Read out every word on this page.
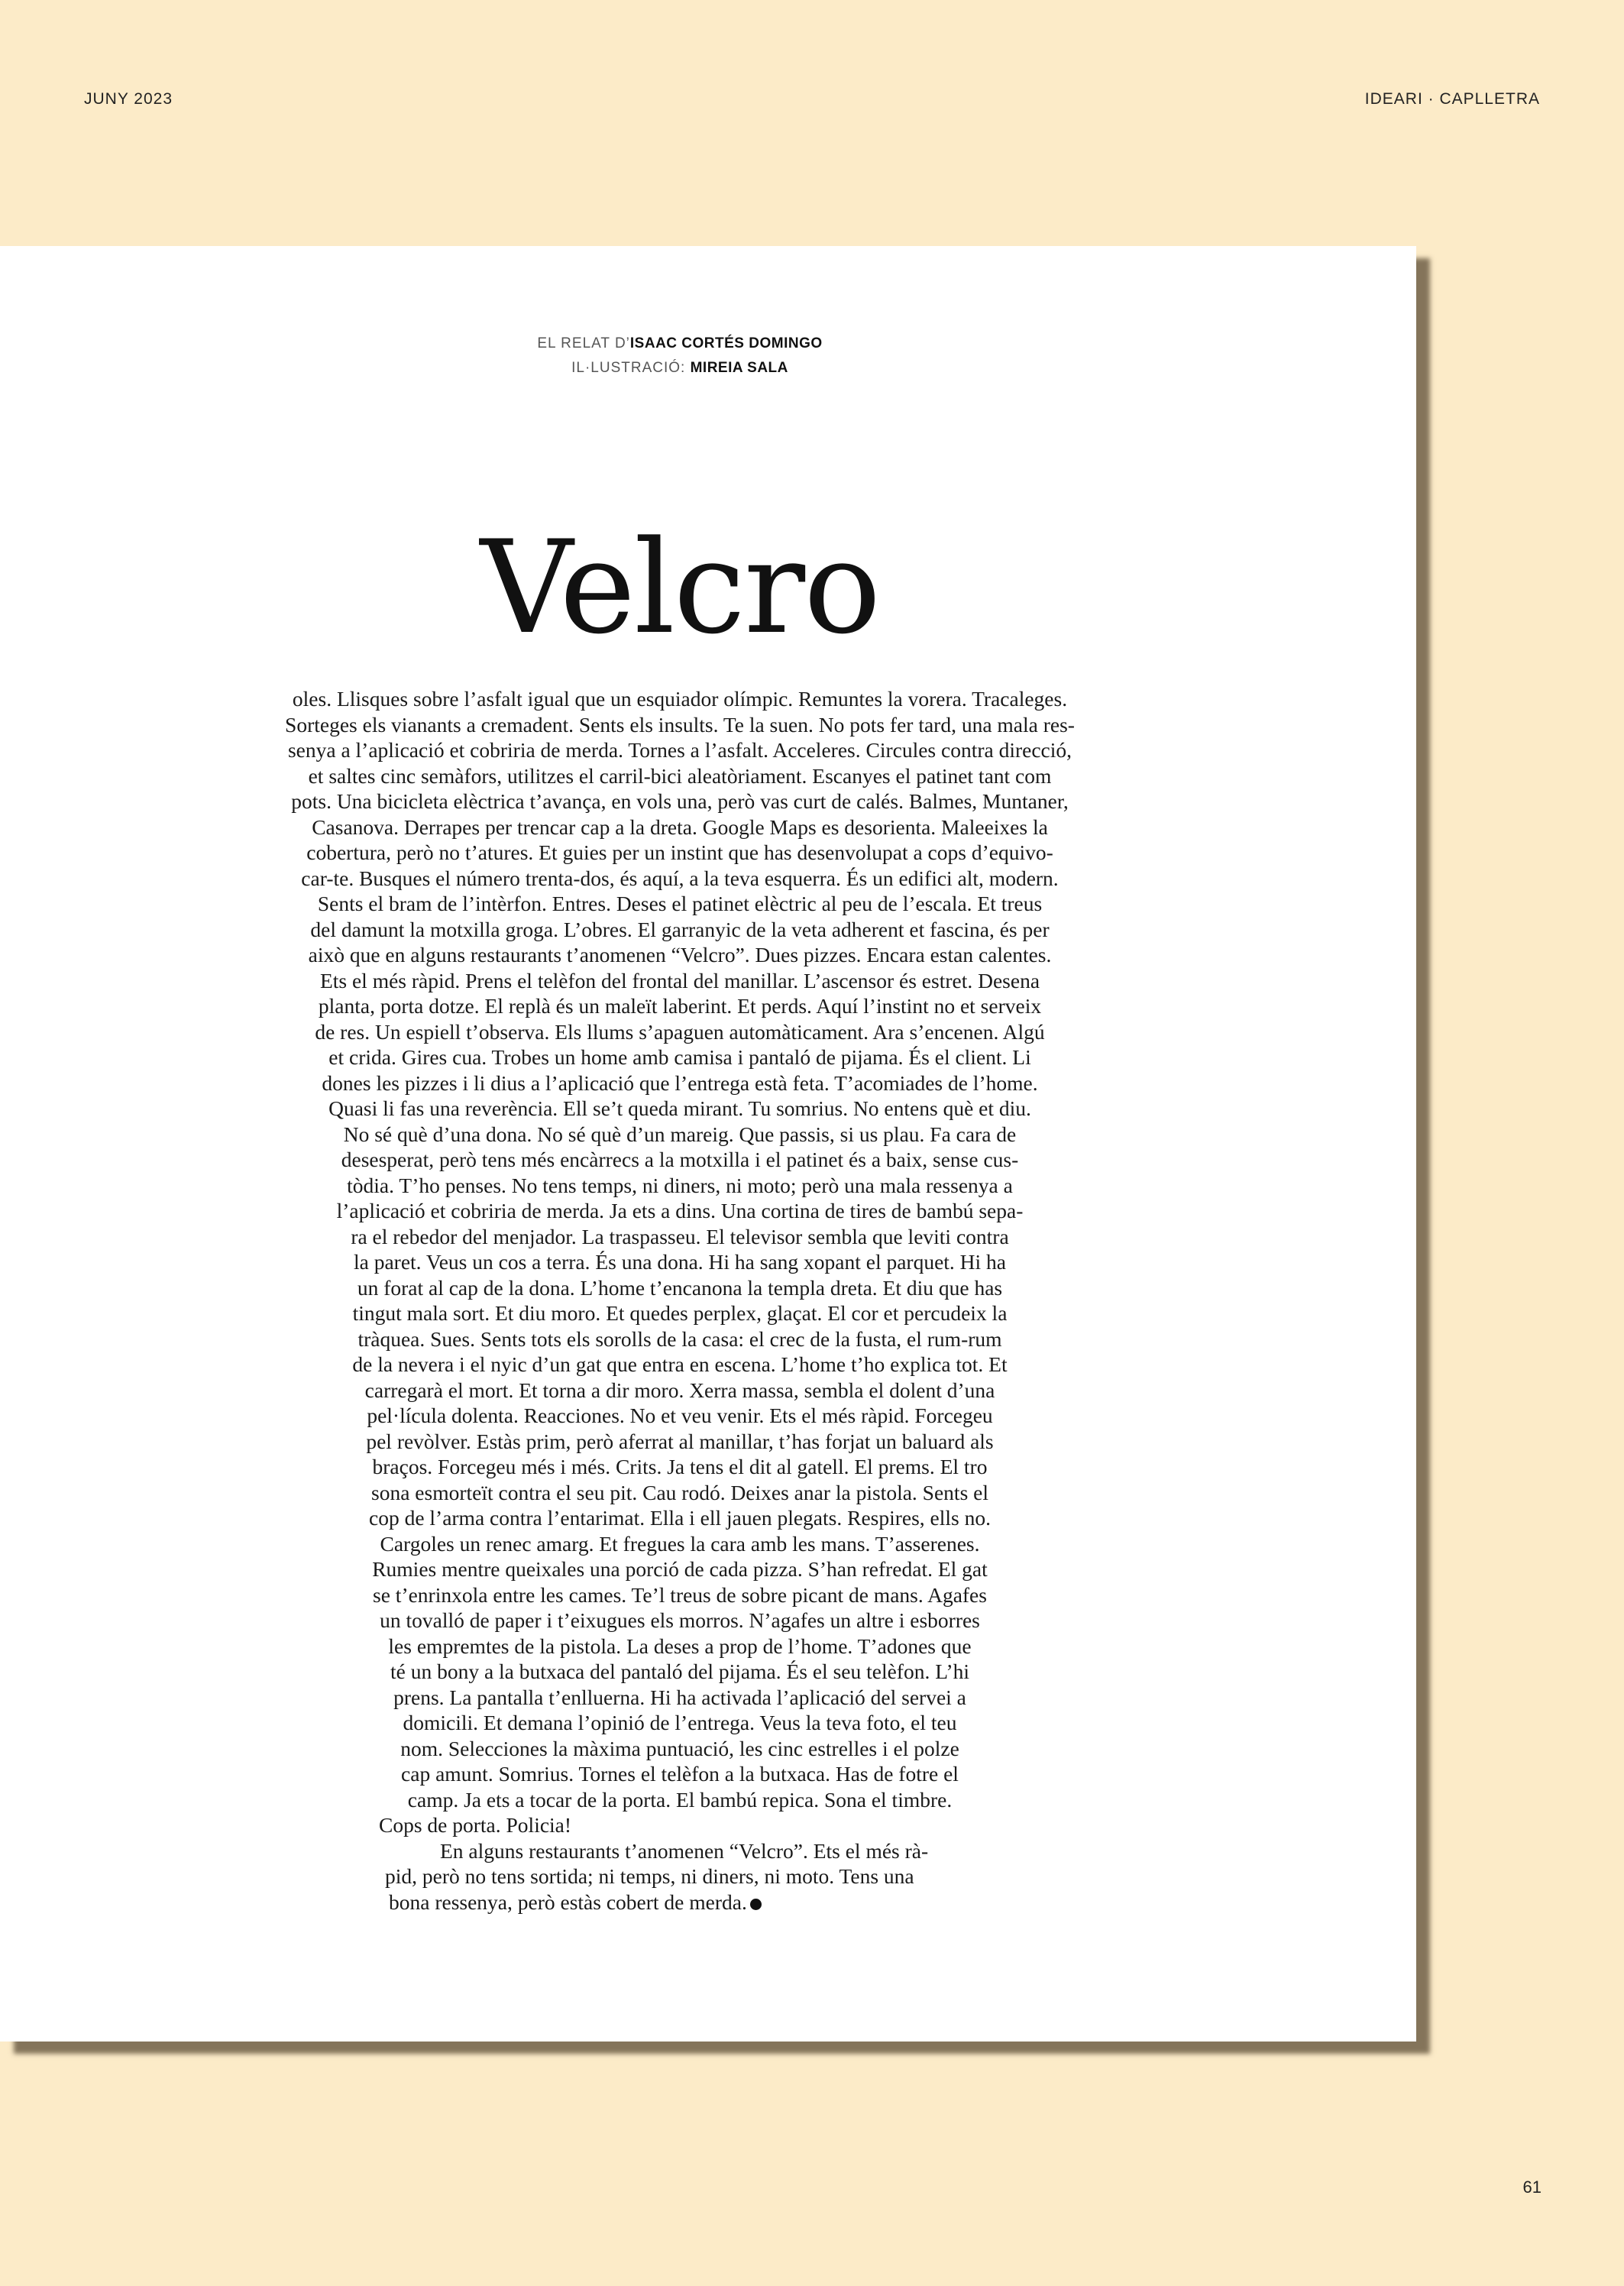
JUNY 2023	IDEARI · CAPLLETRA
EL RELAT D’ISAAC CORTÉS DOMINGO
IL·LUSTRACIÓ: MIREIA SALA
Velcro
oles. Llisques sobre l’asfalt igual que un esquiador olímpic. Remuntes la vorera. Tracaleges.
Sorteges els vianants a cremadent. Sents els insults. Te la suen. No pots fer tard, una mala res-
senya a l’aplicació et cobriria de merda. Tornes a l’asfalt. Acceleres. Circules contra direcció,
et saltes cinc semàfors, utilitzes el carril-bici aleatòriament. Escanyes el patinet tant com
pots. Una bicicleta elèctrica t’avança, en vols una, però vas curt de calés. Balmes, Muntaner,
Casanova. Derrapes per trencar cap a la dreta. Google Maps es desorienta. Maleeixes la
cobertura, però no t’atures. Et guies per un instint que has desenvolupat a cops d’equivo-
car-te. Busques el número trenta-dos, és aquí, a la teva esquerra. És un edifici alt, modern.
Sents el bram de l’intèrfon. Entres. Deses el patinet elèctric al peu de l’escala. Et treus
del damunt la motxilla groga. L’obres. El garranyic de la veta adherent et fascina, és per
això que en alguns restaurants t’anomenen “Velcro”. Dues pizzes. Encara estan calentes.
Ets el més ràpid. Prens el telèfon del frontal del manillar. L’ascensor és estret. Desena
planta, porta dotze. El replà és un maleït laberint. Et perds. Aquí l’instint no et serveix
de res. Un espiell t’observa. Els llums s’apaguen automàticament. Ara s’encenen. Algú
et crida. Gires cua. Trobes un home amb camisa i pantaló de pijama. És el client. Li
dones les pizzes i li dius a l’aplicació que l’entrega està feta. T’acomiades de l’home.
Quasi li fas una reverència. Ell se’t queda mirant. Tu somrius. No entens què et diu.
No sé què d’una dona. No sé què d’un mareig. Que passis, si us plau. Fa cara de
desesperat, però tens més encàrrecs a la motxilla i el patinet és a baix, sense cus-
tòdia. T’ho penses. No tens temps, ni diners, ni moto; però una mala ressenya a
l’aplicació et cobriria de merda. Ja ets a dins. Una cortina de tires de bambú sepa-
ra el rebedor del menjador. La traspasseu. El televisor sembla que leviti contra
la paret. Veus un cos a terra. És una dona. Hi ha sang xopant el parquet. Hi ha
un forat al cap de la dona. L’home t’encanona la templa dreta. Et diu que has
tingut mala sort. Et diu moro. Et quedes perplex, glaçat. El cor et percudeix la
tràquea. Sues. Sents tots els sorolls de la casa: el crec de la fusta, el rum-rum
de la nevera i el nyic d’un gat que entra en escena. L’home t’ho explica tot. Et
carregarà el mort. Et torna a dir moro. Xerra massa, sembla el dolent d’una
pel·lícula dolenta. Reacciones. No et veu venir. Ets el més ràpid. Forcegeu
pel revòlver. Estàs prim, però aferrat al manillar, t’has forjat un baluard als
braços. Forcegeu més i més. Crits. Ja tens el dit al gatell. El prems. El tro
sona esmorteït contra el seu pit. Cau rodó. Deixes anar la pistola. Sents el
cop de l’arma contra l’entarimat. Ella i ell jauen plegats. Respires, ells no.
Cargoles un renec amarg. Et fregues la cara amb les mans. T’asserenes.
Rumies mentre queixales una porció de cada pizza. S’han refredat. El gat
se t’enrinxola entre les cames. Te’l treus de sobre picant de mans. Agafes
un tovalló de paper i t’eixugues els morros. N’agafes un altre i esborres
les empremtes de la pistola. La deses a prop de l’home. T’adones que
té un bony a la butxaca del pantaló del pijama. És el seu telèfon. L’hi
prens. La pantalla t’enlluerna. Hi ha activada l’aplicació del servei a
domicili. Et demana l’opinió de l’entrega. Veus la teva foto, el teu
nom. Selecciones la màxima puntuació, les cinc estrelles i el polze
cap amunt. Somrius. Tornes el telèfon a la butxaca. Has de fotre el
camp. Ja ets a tocar de la porta. El bambú repica. Sona el timbre.
Cops de porta. Policia!
En alguns restaurants t’anomenen “Velcro”. Ets el més rà-
pid, però no tens sortida; ni temps, ni diners, ni moto. Tens una
bona ressenya, però estàs cobert de merda.
61
